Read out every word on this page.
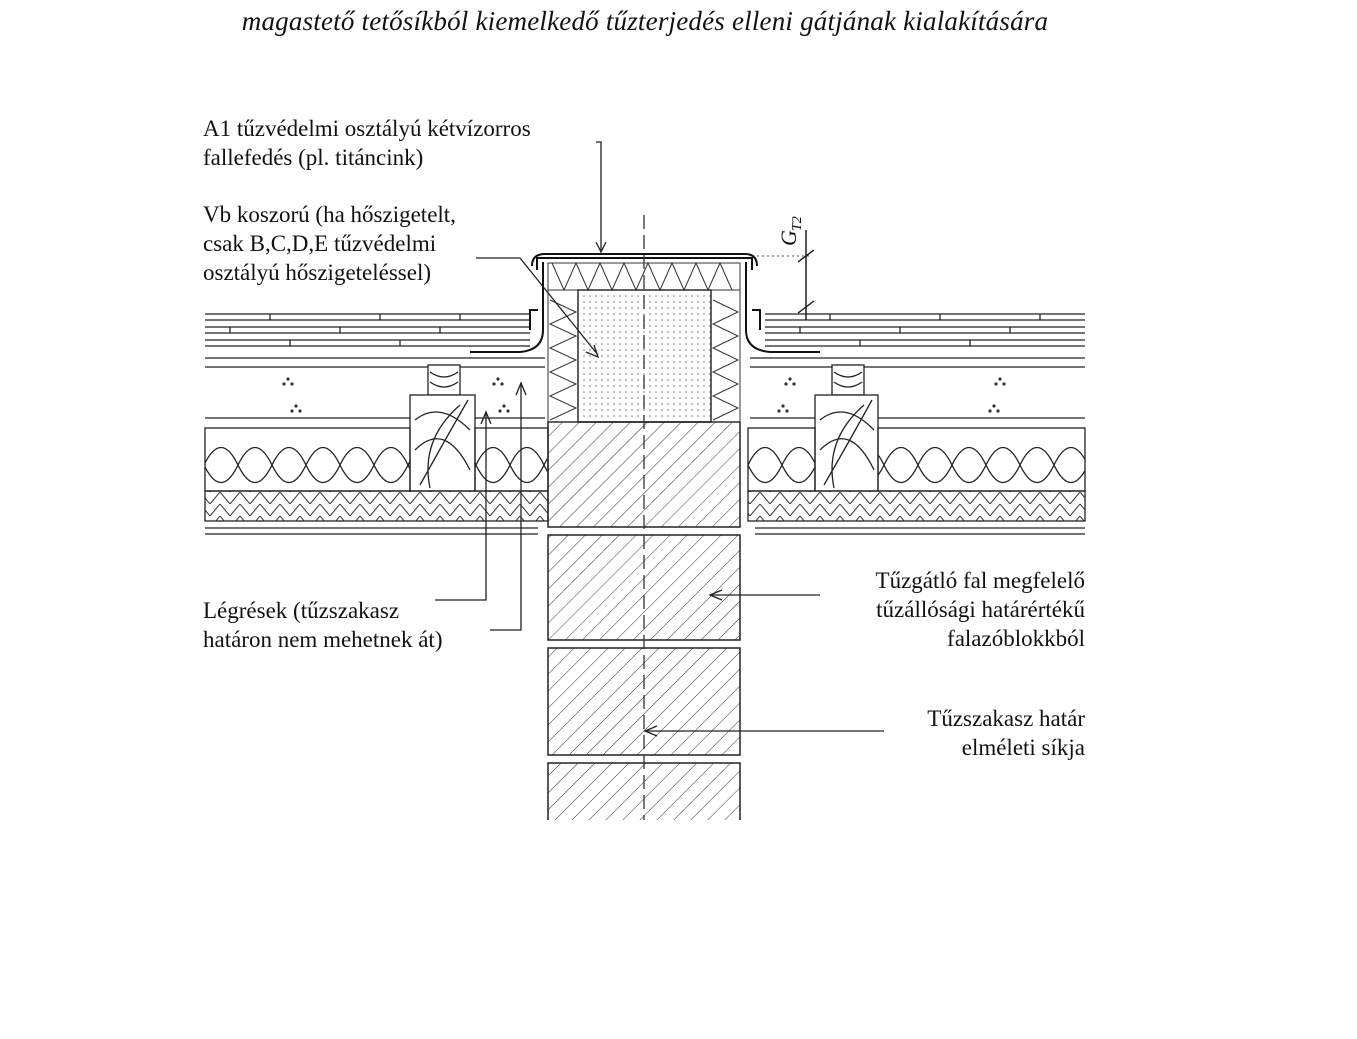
magastető tetősíkból kiemelkedő tűzterjedés elleni gátjának kialakítására
G
T2
A1 tűzvédelmi osztályú kétvízorros
fallefedés (pl. titáncink)
Vb koszorú (ha hőszigetelt,
csak B,C,D,E tűzvédelmi
osztályú hőszigeteléssel)
Légrések (tűzszakasz
határon nem mehetnek át)
Tűzgátló fal megfelelő
tűzállósági határértékű
falazóblokkból
Tűzszakasz határ
elméleti síkja
